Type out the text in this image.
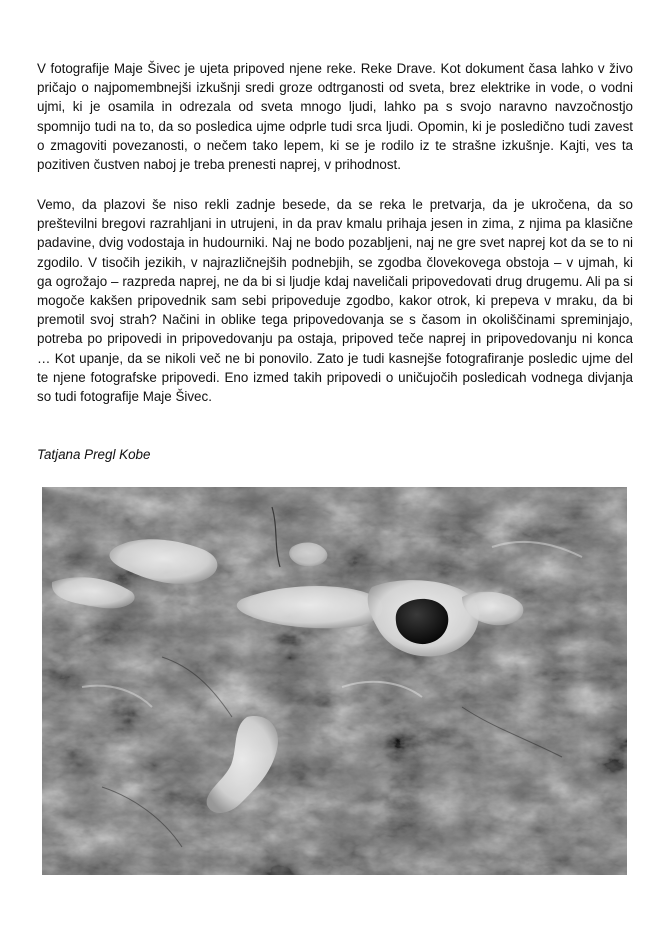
V fotografije Maje Šivec je ujeta pripoved njene reke. Reke Drave. Kot dokument časa lahko v živo pričajo o najpomembnejši izkušnji sredi groze odtrganosti od sveta, brez elektrike in vode, o vodni ujmi, ki je osamila in odrezala od sveta mnogo ljudi, lahko pa s svojo naravno navzočnostjo spomnijo tudi na to, da so posledica ujme odprle tudi srca ljudi. Opomin, ki je posledično tudi zavest o zmagoviti povezanosti, o nečem tako lepem, ki se je rodilo iz te strašne izkušnje. Kajti, ves ta pozitiven čustven naboj je treba prenesti naprej, v prihodnost.

Vemo, da plazovi še niso rekli zadnje besede, da se reka le pretvarja, da je ukročena, da so preštevilni bregovi razrahljani in utrujeni, in da prav kmalu prihaja jesen in zima, z njima pa klasične padavine, dvig vodostaja in hudourniki. Naj ne bodo pozabljeni, naj ne gre svet naprej kot da se to ni zgodilo. V tisočih jezikih, v najrazličnejših podnebjih, se zgodba človekovega obstoja – v ujmah, ki ga ogrožajo – razpreda naprej, ne da bi si ljudje kdaj naveličali pripovedovati drug drugemu. Ali pa si mogoče kakšen pripovednik sam sebi pripoveduje zgodbo, kakor otrok, ki prepeva v mraku, da bi premotil svoj strah? Načini in oblike tega pripovedovanja se s časom in okoliščinami spreminjajo, potreba po pripovedi in pripovedovanju pa ostaja, pripoved teče naprej in pripovedovanju ni konca … Kot upanje, da se nikoli več ne bi ponovilo. Zato je tudi kasnejše fotografiranje posledic ujme del te njene fotografske pripovedi. Eno izmed takih pripovedi o uničujočih posledicah vodnega divjanja so tudi fotografije Maje Šivec.

Tatjana Pregl Kobe
